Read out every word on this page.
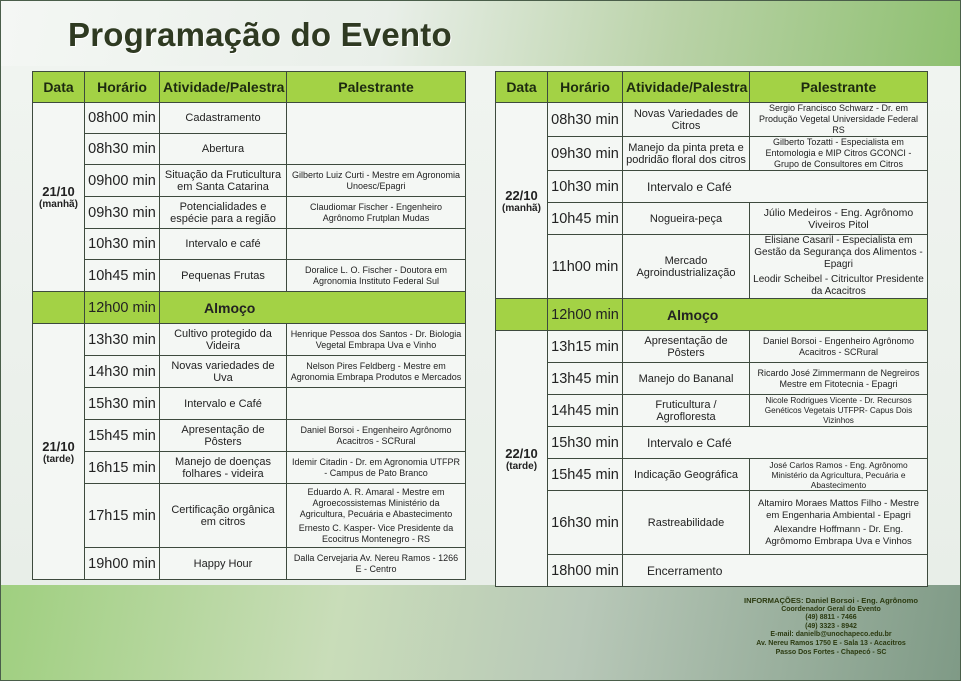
Programação do Evento
Data	Horário	Atividade/Palestra	Palestrante
21/10
(manhã)	08h00 min	Cadastramento	
	08h30 min	Abertura	
	09h00 min	Situação da Fruticultura em Santa Catarina	Gilberto Luiz Curti - Mestre em Agronomia Unoesc/Epagri
	09h30 min	Potencialidades e espécie para a região	Claudiomar Fischer - Engenheiro Agrônomo Frutplan Mudas
	10h30 min	Intervalo e café	
	10h45 min	Pequenas Frutas	Doralice L. O. Fischer - Doutora em Agronomia Instituto Federal Sul
	12h00 min	Almoço	
21/10
(tarde)	13h30 min	Cultivo protegido da Videira	Henrique Pessoa dos Santos - Dr. Biologia Vegetal Embrapa Uva e Vinho
	14h30 min	Novas variedades de Uva	Nelson Pires Feldberg - Mestre em Agronomia Embrapa Produtos e Mercados
	15h30 min	Intervalo e Café	
	15h45 min	Apresentação de Pôsters	Daniel Borsoi - Engenheiro Agrônomo Acacitros - SCRural
	16h15 min	Manejo de doenças folhares - videira	Idemir Citadin - Dr. em Agronomia UTFPR - Campus de Pato Branco
	17h15 min	Certificação orgânica em citros	Eduardo A. R. Amaral - Mestre em Agroecossistemas Ministério da Agricultura, Pecuária e Abastecimento
Ernesto C. Kasper- Vice Presidente da Ecocitrus Montenegro - RS

	19h00 min	Happy Hour	Dalla Cervejaria Av. Nereu Ramos - 1266 E - Centro
Data	Horário	Atividade/Palestra	Palestrante
22/10
(manhã)	08h30 min	Novas Variedades de Citros	Sergio Francisco Schwarz - Dr. em Produção Vegetal Universidade Federal RS
	09h30 min	Manejo da pinta preta e podridão floral dos citros	Gilberto Tozatti - Especialista em Entomologia e MIP Citros GCONCI - Grupo de Consultores em Citros
	10h30 min	Intervalo e Café	
	10h45 min	Nogueira-peça	Júlio Medeiros - Eng. Agrônomo Viveiros Pitol
	11h00 min	Mercado Agroindustrialização	Elisiane Casaril - Especialista em Gestão da Segurança dos Alimentos - Epagri
Leodir Scheibel - Citricultor Presidente da Acacitros

	12h00 min	Almoço	
22/10
(tarde)	13h15 min	Apresentação de Pôsters	Daniel Borsoi - Engenheiro Agrônomo Acacitros - SCRural
	13h45 min	Manejo do Bananal	Ricardo José Zimmermann de Negreiros Mestre em Fitotecnia - Epagri
	14h45 min	Fruticultura / Agrofloresta	Nicole Rodrigues Vicente - Dr. Recursos Genéticos Vegetais UTFPR- Capus Dois Vizinhos
	15h30 min	Intervalo e Café	
	15h45 min	Indicação Geográfica	José Carlos Ramos - Eng. Agrônomo Ministério da Agricultura, Pecuária e Abastecimento
	16h30 min	Rastreabilidade	Altamiro Moraes Mattos Filho - Mestre em Engenharia Ambiental - Epagri
Alexandre Hoffmann - Dr. Eng. Agrômomo Embrapa Uva e Vinhos

	18h00 min	Encerramento	
INFORMAÇÕES: Daniel Borsoi - Eng. Agrônomo
Coordenador Geral do Evento
(49) 8811 - 7466
(49) 3323 - 8942
E-mail: danielb@unochapeco.edu.br
Av. Nereu Ramos 1750 E - Sala 13 - Acacitros
Passo Dos Fortes - Chapecó - SC
